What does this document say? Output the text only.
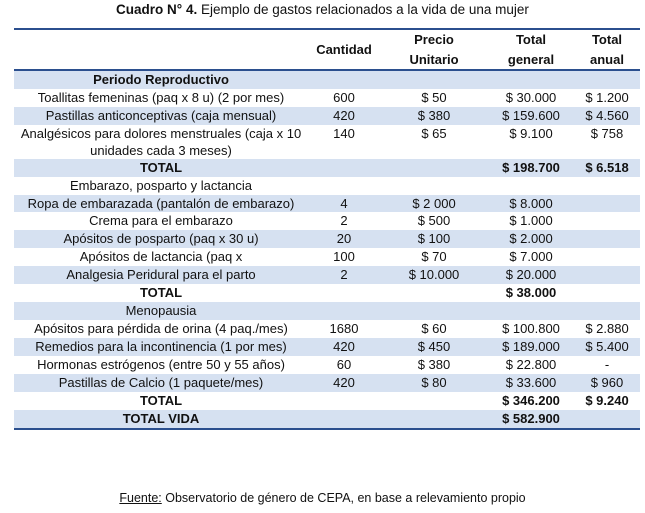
Cuadro N° 4. Ejemplo de gastos relacionados a la vida de una mujer
	Cantidad	Precio	Total	Total
		Unitario	general	anual
Periodo Reproductivo				
Toallitas femeninas (paq x 8 u) (2 por mes)	600	$ 50	$ 30.000	$ 1.200
Pastillas anticonceptivas (caja mensual)	420	$ 380	$ 159.600	$ 4.560
Analgésicos para dolores menstruales (caja x 10 unidades cada 3 meses)	140	$ 65	$ 9.100	$ 758
TOTAL			$ 198.700	$ 6.518
Embarazo, posparto y lactancia				
Ropa de embarazada (pantalón de embarazo)	4	$ 2 000	$ 8.000	
Crema para el embarazo	2	$ 500	$ 1.000	
Apósitos de posparto (paq x 30 u)	20	$ 100	$ 2.000	
Apósitos de lactancia (paq x	100	$ 70	$ 7.000	
Analgesia Peridural para el parto	2	$ 10.000	$ 20.000	
TOTAL			$ 38.000	
Menopausia				
Apósitos para pérdida de orina (4 paq./mes)	1680	$ 60	$ 100.800	$ 2.880
Remedios para la incontinencia (1 por mes)	420	$ 450	$ 189.000	$ 5.400
Hormonas estrógenos (entre 50 y 55 años)	60	$ 380	$ 22.800	-
Pastillas de Calcio (1 paquete/mes)	420	$ 80	$ 33.600	$ 960
TOTAL			$ 346.200	$ 9.240
TOTAL VIDA			$ 582.900	
Fuente: Observatorio de género de CEPA, en base a relevamiento propio
